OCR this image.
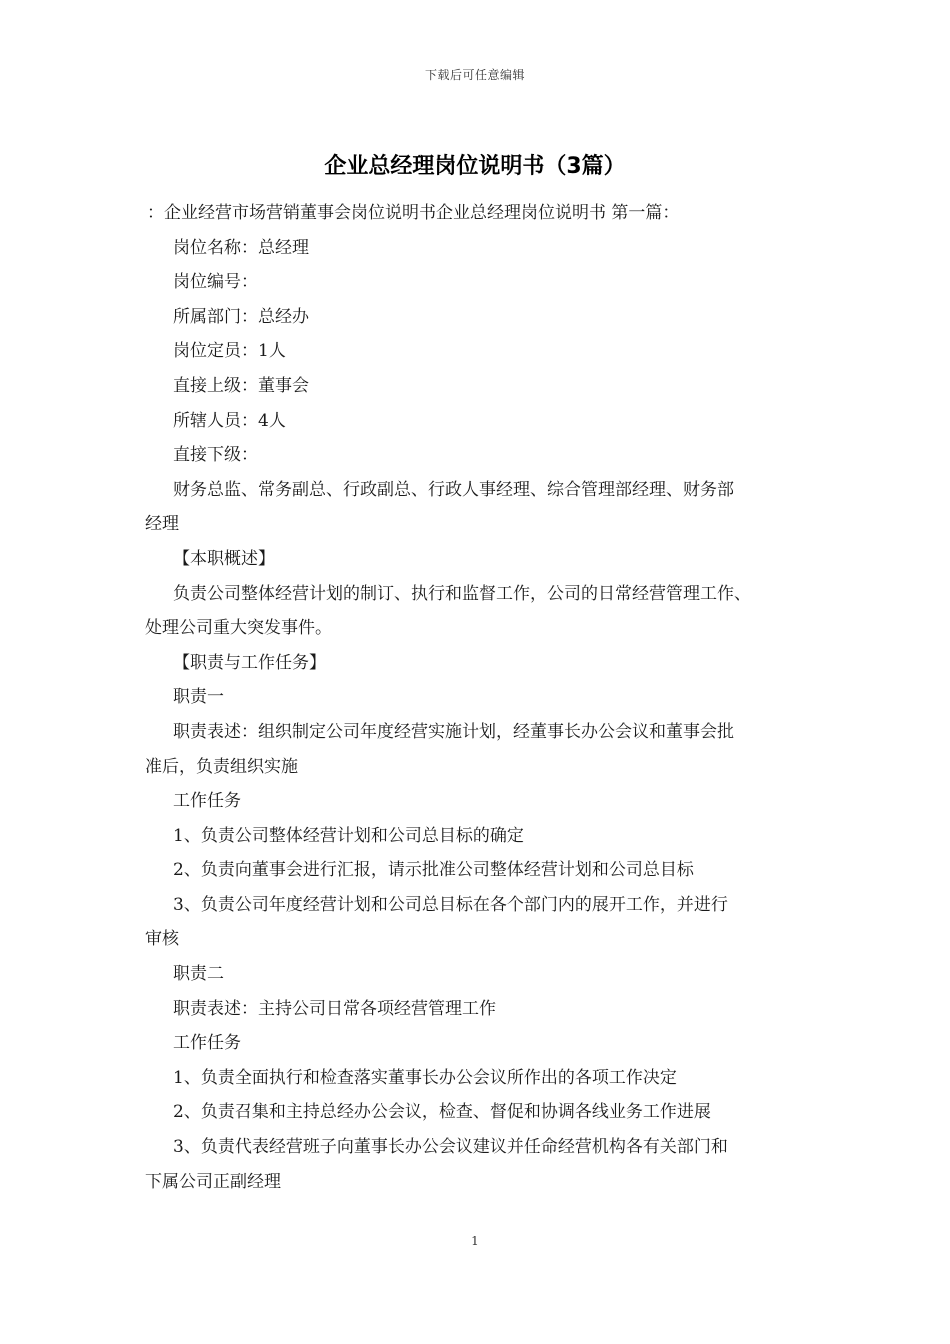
下载后可任意编辑
企业总经理岗位说明书（3篇）
：企业经营市场营销董事会岗位说明书企业总经理岗位说明书 第一篇：
岗位名称：总经理
岗位编号：
所属部门：总经办
岗位定员：1人
直接上级：董事会
所辖人员：4人
直接下级：
财务总监、常务副总、行政副总、行政人事经理、综合管理部经理、财务部
经理
【本职概述】
负责公司整体经营计划的制订、执行和监督工作，公司的日常经营管理工作、
处理公司重大突发事件。
【职责与工作任务】
职责一
职责表述：组织制定公司年度经营实施计划，经董事长办公会议和董事会批
准后，负责组织实施
工作任务
1、负责公司整体经营计划和公司总目标的确定
2、负责向董事会进行汇报，请示批准公司整体经营计划和公司总目标
3、负责公司年度经营计划和公司总目标在各个部门内的展开工作，并进行
审核
职责二
职责表述：主持公司日常各项经营管理工作
工作任务
1、负责全面执行和检查落实董事长办公会议所作出的各项工作决定
2、负责召集和主持总经办公会议，检查、督促和协调各线业务工作进展
3、负责代表经营班子向董事长办公会议建议并任命经营机构各有关部门和
下属公司正副经理
1
